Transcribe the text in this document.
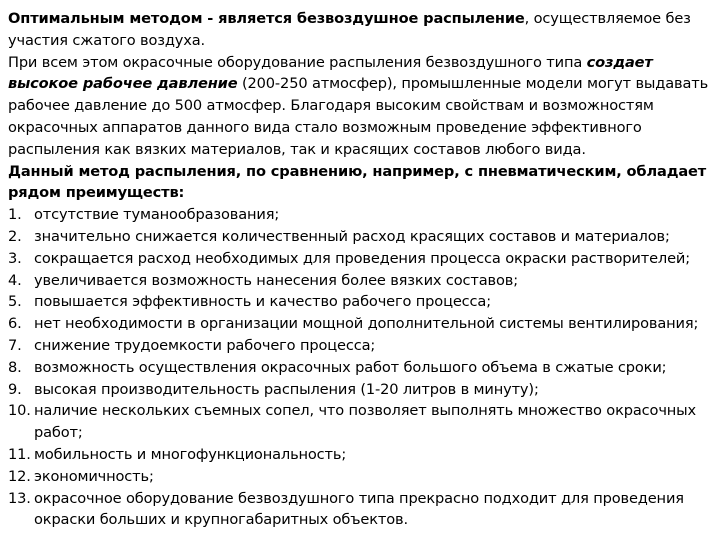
Оптимальным методом - является безвоздушное распыление, осуществляемое без участия сжатого воздуха.

При всем этом окрасочные оборудование распыления безвоздушного типа создает высокое рабочее давление (200-250 атмосфер), промышленные модели могут выдавать рабочее давление до 500 атмосфер. Благодаря высоким свойствам и возможностям окрасочных аппаратов данного вида стало возможным проведение эффективного распыления как вязких материалов, так и красящих составов любого вида.

Данный метод распыления, по сравнению, например, с пневматическим, обладает рядом преимуществ:

1. отсутствие туманообразования;
2. значительно снижается количественный расход красящих составов и материалов;
3. сокращается расход необходимых для проведения процесса окраски растворителей;
4. увеличивается возможность нанесения более вязких составов;
5. повышается эффективность и качество рабочего процесса;
6. нет необходимости в организации мощной дополнительной системы вентилирования;
7. снижение трудоемкости рабочего процесса;
8. возможность осуществления окрасочных работ большого объема в сжатые сроки;
9. высокая производительность распыления (1-20 литров в минуту);
10. наличие нескольких съемных сопел, что позволяет выполнять множество окрасочных работ;
11. мобильность и многофункциональность;
12. экономичность;
13. окрасочное оборудование безвоздушного типа прекрасно подходит для проведения окраски больших и крупногабаритных объектов.
